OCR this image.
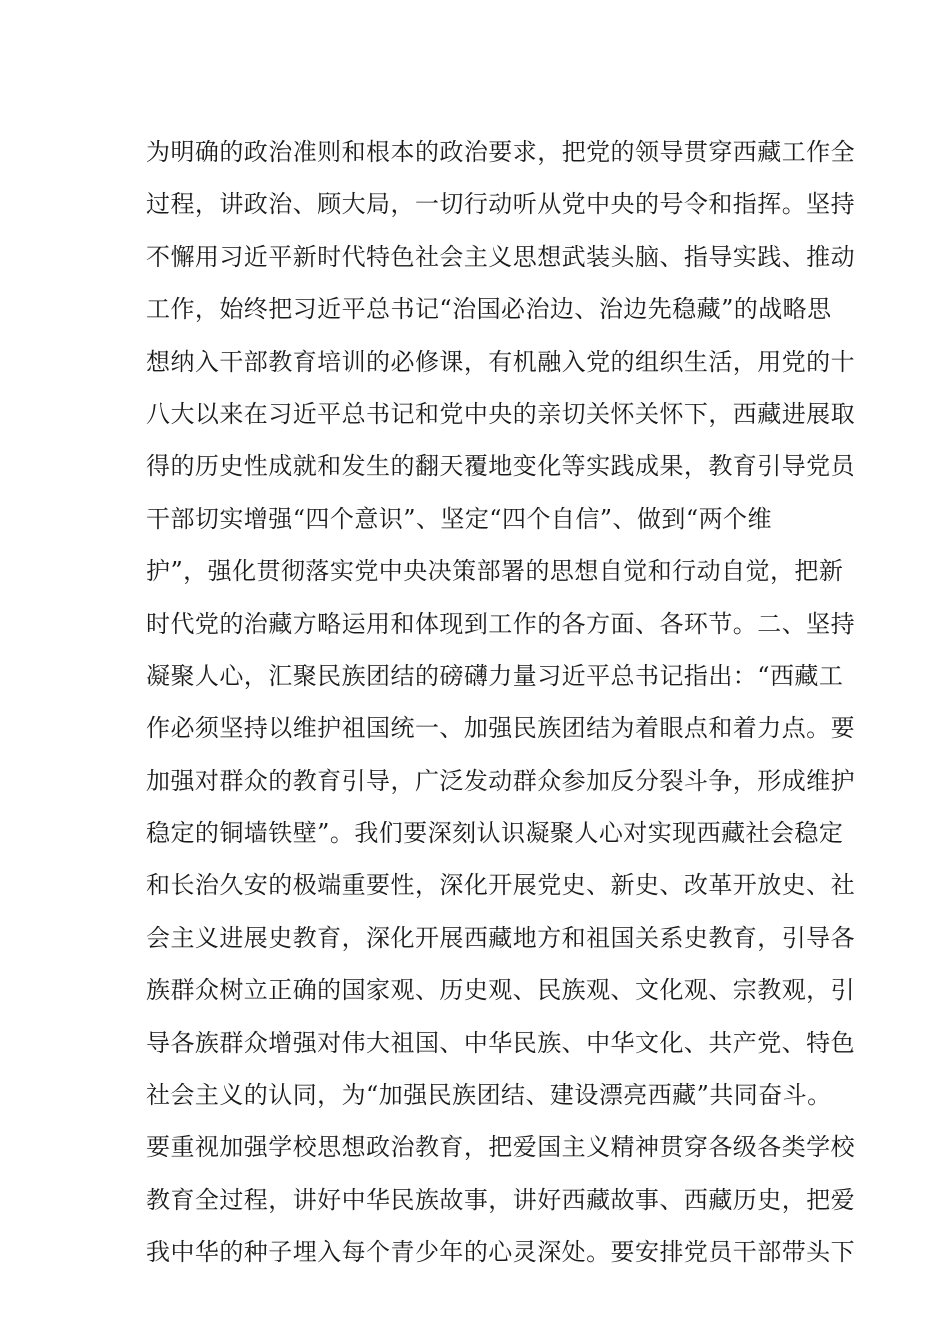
为明确的政治准则和根本的政治要求，把党的领导贯穿西藏工作全
过程，讲政治、顾大局，一切行动听从党中央的号令和指挥。坚持
不懈用习近平新时代特色社会主义思想武装头脑、指导实践、推动
工作，始终把习近平总书记“治国必治边、治边先稳藏”的战略思
想纳入干部教育培训的必修课，有机融入党的组织生活，用党的十
八大以来在习近平总书记和党中央的亲切关怀关怀下，西藏进展取
得的历史性成就和发生的翻天覆地变化等实践成果，教育引导党员
干部切实增强“四个意识”、坚定“四个自信”、做到“两个维
护”，强化贯彻落实党中央决策部署的思想自觉和行动自觉，把新
时代党的治藏方略运用和体现到工作的各方面、各环节。二、坚持
凝聚人心，汇聚民族团结的磅礴力量习近平总书记指出：“西藏工
作必须坚持以维护祖国统一、加强民族团结为着眼点和着力点。要
加强对群众的教育引导，广泛发动群众参加反分裂斗争，形成维护
稳定的铜墙铁壁”。我们要深刻认识凝聚人心对实现西藏社会稳定
和长治久安的极端重要性，深化开展党史、新史、改革开放史、社
会主义进展史教育，深化开展西藏地方和祖国关系史教育，引导各
族群众树立正确的国家观、历史观、民族观、文化观、宗教观，引
导各族群众增强对伟大祖国、中华民族、中华文化、共产党、特色
社会主义的认同，为“加强民族团结、建设漂亮西藏”共同奋斗。
要重视加强学校思想政治教育，把爱国主义精神贯穿各级各类学校
教育全过程，讲好中华民族故事，讲好西藏故事、西藏历史，把爱
我中华的种子埋入每个青少年的心灵深处。要安排党员干部带头下
